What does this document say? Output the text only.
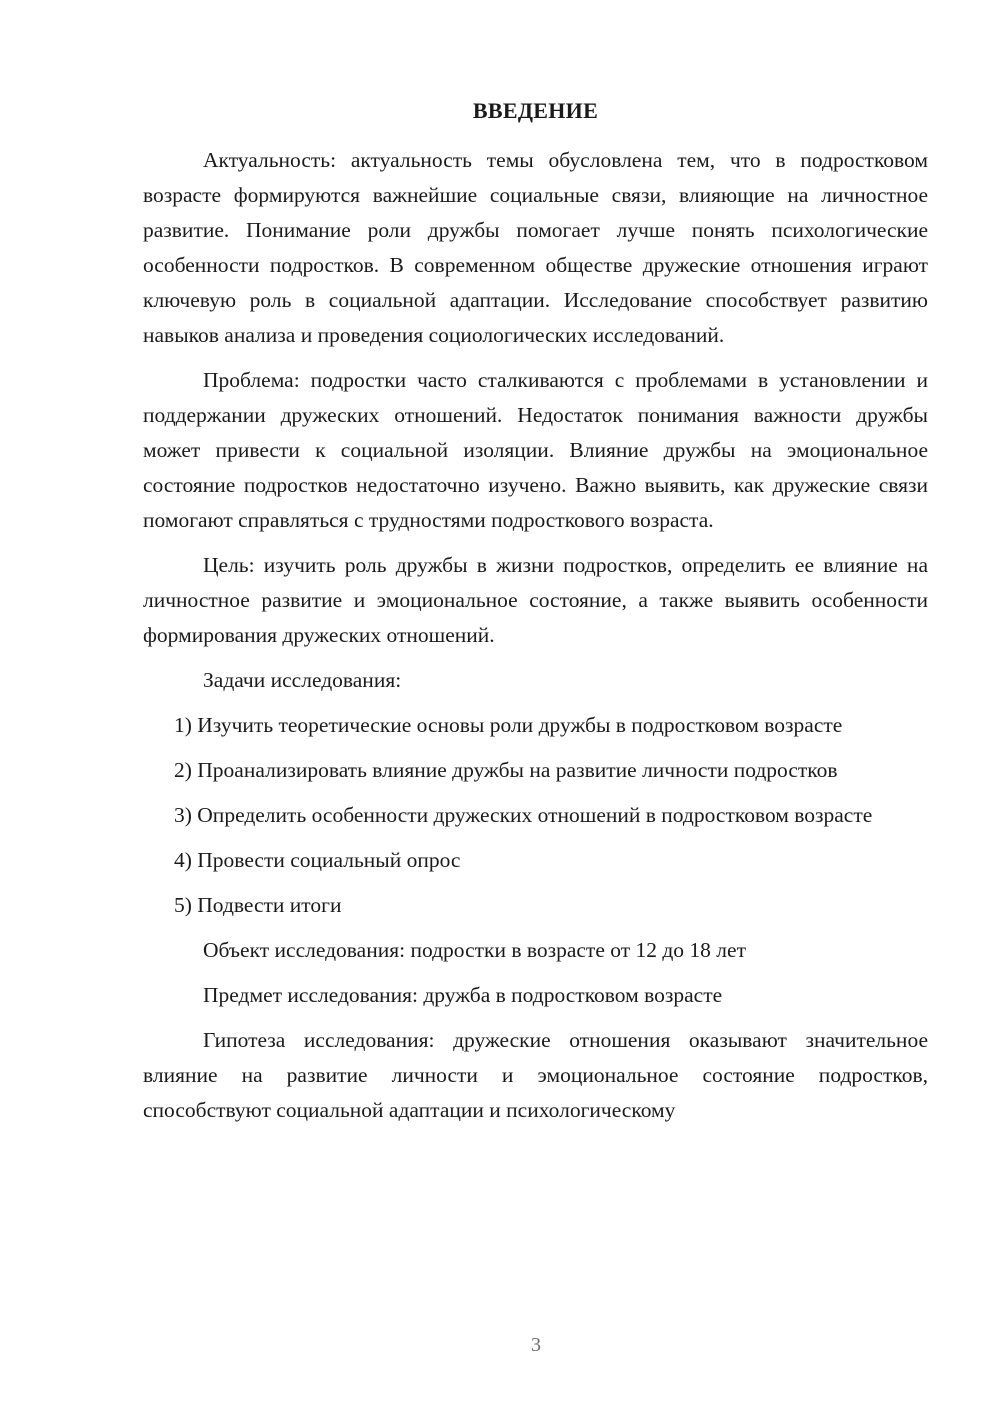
ВВЕДЕНИЕ

Актуальность: актуальность темы обусловлена тем, что в подростковом возрасте формируются важнейшие социальные связи, влияющие на личностное развитие. Понимание роли дружбы помогает лучше понять психологические особенности подростков. В современном обществе дружеские отношения играют ключевую роль в социальной адаптации. Исследование способствует развитию навыков анализа и проведения социологических исследований.

Проблема: подростки часто сталкиваются с проблемами в установлении и поддержании дружеских отношений. Недостаток понимания важности дружбы может привести к социальной изоляции. Влияние дружбы на эмоциональное состояние подростков недостаточно изучено. Важно выявить, как дружеские связи помогают справляться с трудностями подросткового возраста.

Цель: изучить роль дружбы в жизни подростков, определить ее влияние на личностное развитие и эмоциональное состояние, а также выявить особенности формирования дружеских отношений.

Задачи исследования:

1) Изучить теоретические основы роли дружбы в подростковом возрасте

2) Проанализировать влияние дружбы на развитие личности подростков

3) Определить особенности дружеских отношений в подростковом возрасте

4) Провести социальный опрос

5) Подвести итоги

Объект исследования: подростки в возрасте от 12 до 18 лет

Предмет исследования: дружба в подростковом возрасте

Гипотеза исследования: дружеские отношения оказывают значительное влияние на развитие личности и эмоциональное состояние подростков, способствуют социальной адаптации и психологическому

3
